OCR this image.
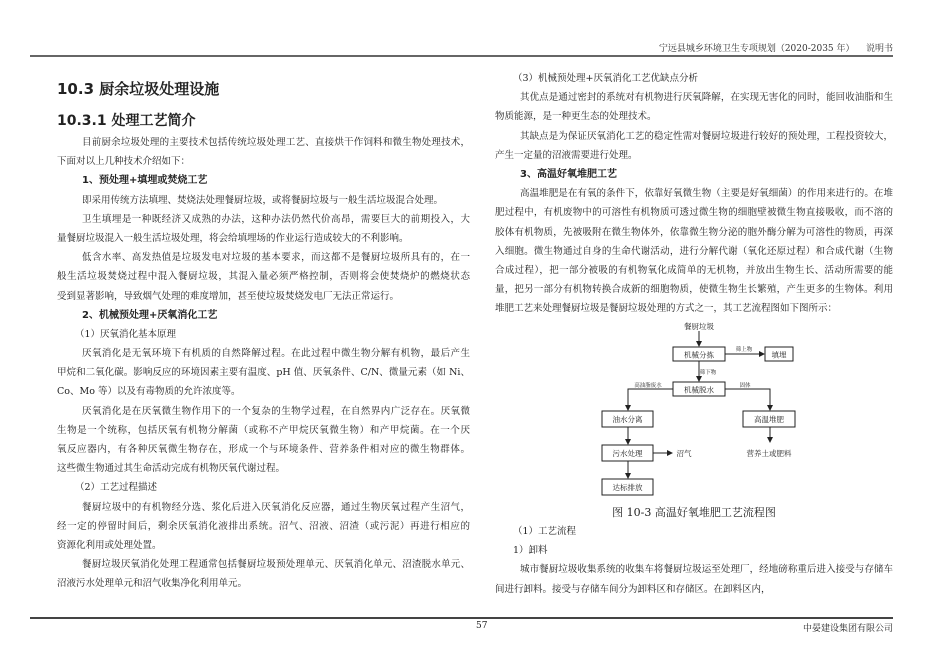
宁远县城乡环境卫生专项规划（2020-2035 年） 说明书
10.3 厨余垃圾处理设施
10.3.1 处理工艺简介
目前厨余垃圾处理的主要技术包括传统垃圾处理工艺、直接烘干作饲料和微生物处理技术，
下面对以上几种技术介绍如下：
1、预处理+填埋或焚烧工艺
即采用传统方法填埋、焚烧法处理餐厨垃圾，或将餐厨垃圾与一般生活垃圾混合处理。
卫生填埋是一种既经济又成熟的办法，这种办法仍然代价高昂，需要巨大的前期投入，大
量餐厨垃圾混入一般生活垃圾处理，将会给填埋场的作业运行造成较大的不利影响。
低含水率、高发热值是垃圾发电对垃圾的基本要求，而这都不是餐厨垃圾所具有的，在一
般生活垃圾焚烧过程中混入餐厨垃圾，其混入量必须严格控制，否则将会使焚烧炉的燃烧状态
受到显著影响，导致烟气处理的难度增加，甚至使垃圾焚烧发电厂无法正常运行。
2、机械预处理+厌氧消化工艺
（1）厌氧消化基本原理
厌氧消化是无氧环境下有机质的自然降解过程。在此过程中微生物分解有机物，最后产生
甲烷和二氧化碳。影响反应的环境因素主要有温度、pH 值、厌氧条件、C/N、微量元素（如 Ni、
Co、Mo 等）以及有毒物质的允许浓度等。
厌氧消化是在厌氧微生物作用下的一个复杂的生物学过程，在自然界内广泛存在。厌氧微
生物是一个统称，包括厌氧有机物分解菌（或称不产甲烷厌氧微生物）和产甲烷菌。在一个厌
氧反应器内，有各种厌氧微生物存在，形成一个与环境条件、营养条件相对应的微生物群体。
这些微生物通过其生命活动完成有机物厌氧代谢过程。
（2）工艺过程描述
餐厨垃圾中的有机物经分选、浆化后进入厌氧消化反应器，通过生物厌氧过程产生沼气，
经一定的停留时间后，剩余厌氧消化液排出系统。沼气、沼液、沼渣（或污泥）再进行相应的
资源化利用或处理处置。
餐厨垃圾厌氧消化处理工程通常包括餐厨垃圾预处理单元、厌氧消化单元、沼渣脱水单元、
沼液污水处理单元和沼气收集净化利用单元。
（3）机械预处理+厌氧消化工艺优缺点分析
其优点是通过密封的系统对有机物进行厌氧降解，在实现无害化的同时，能回收油脂和生
物质能源，是一种更生态的处理技术。
其缺点是为保证厌氧消化工艺的稳定性需对餐厨垃圾进行较好的预处理，工程投资较大，
产生一定量的沼液需要进行处理。
3、高温好氧堆肥工艺
高温堆肥是在有氧的条件下，依靠好氧微生物（主要是好氧细菌）的作用来进行的。在堆
肥过程中，有机废物中的可溶性有机物质可透过微生物的细胞壁被微生物直接吸收，而不溶的
胶体有机物质，先被吸附在微生物体外，依靠微生物分泌的胞外酶分解为可溶性的物质，再深
入细胞。微生物通过自身的生命代谢活动，进行分解代谢（氧化还原过程）和合成代谢（生物
合成过程），把一部分被吸的有机物氧化成简单的无机物，并放出生物生长、活动所需要的能
量，把另一部分有机物转换合成新的细胞物质，使微生物生长繁殖，产生更多的生物体。利用
堆肥工艺来处理餐厨垃圾是餐厨垃圾处理的方式之一，其工艺流程图如下图所示：
餐厨垃圾
机械分拣	填埋
机械脱水
油水分离	高温堆肥
污水处理
达标排放
沼气	营养土或肥料
筛上物
筛下物
高油脂废水	固体
图 10-3 高温好氧堆肥工艺流程图
（1）工艺流程
1）卸料
城市餐厨垃圾收集系统的收集车将餐厨垃圾运至处理厂，经地磅称重后进入接受与存储车
间进行卸料。接受与存储车间分为卸料区和存储区。在卸料区内，
57	中晏建设集团有限公司
